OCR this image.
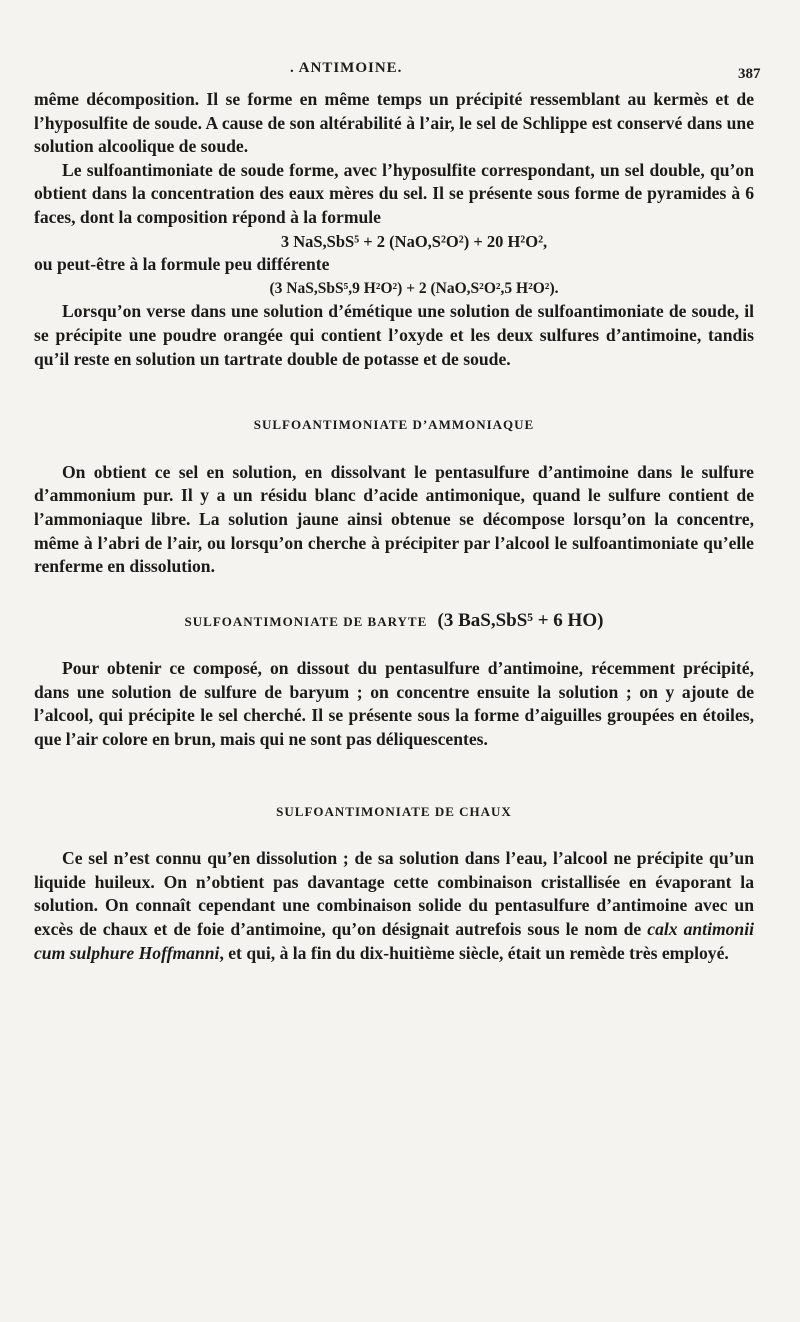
. ANTIMOINE.	387

même décomposition. Il se forme en même temps un précipité ressemblant au kermès et de l’hyposulfite de soude. A cause de son altérabilité à l’air, le sel de Schlippe est conservé dans une solution alcoolique de soude.

Le sulfoantimoniate de soude forme, avec l’hyposulfite correspondant, un sel double, qu’on obtient dans la concentration des eaux mères du sel. Il se présente sous forme de pyramides à 6 faces, dont la composition répond à la formule

3 NaS,SbS⁵ + 2 (NaO,S²O²) + 20 H²O²,

ou peut-être à la formule peu différente

(3 NaS,SbS⁵,9 H²O²) + 2 (NaO,S²O²,5 H²O²).

Lorsqu’on verse dans une solution d’émétique une solution de sulfoantimoniate de soude, il se précipite une poudre orangée qui contient l’oxyde et les deux sulfures d’antimoine, tandis qu’il reste en solution un tartrate double de potasse et de soude.

SULFOANTIMONIATE D’AMMONIAQUE

On obtient ce sel en solution, en dissolvant le pentasulfure d’antimoine dans le sulfure d’ammonium pur. Il y a un résidu blanc d’acide antimonique, quand le sulfure contient de l’ammoniaque libre. La solution jaune ainsi obtenue se décompose lorsqu’on la concentre, même à l’abri de l’air, ou lorsqu’on cherche à précipiter par l’alcool le sulfoantimoniate qu’elle renferme en dissolution.

SULFOANTIMONIATE DE BARYTE (3 BaS,SbS⁵ + 6 HO)

Pour obtenir ce composé, on dissout du pentasulfure d’antimoine, récemment précipité, dans une solution de sulfure de baryum ; on concentre ensuite la solution ; on y ajoute de l’alcool, qui précipite le sel cherché. Il se présente sous la forme d’aiguilles groupées en étoiles, que l’air colore en brun, mais qui ne sont pas déliquescentes.

SULFOANTIMONIATE DE CHAUX

Ce sel n’est connu qu’en dissolution ; de sa solution dans l’eau, l’alcool ne précipite qu’un liquide huileux. On n’obtient pas davantage cette combinaison cristallisée en évaporant la solution. On connaît cependant une combinaison solide du pentasulfure d’antimoine avec un excès de chaux et de foie d’antimoine, qu’on désignait autrefois sous le nom de calx antimonii cum sulphure Hoffmanni, et qui, à la fin du dix-huitième siècle, était un remède très employé.
